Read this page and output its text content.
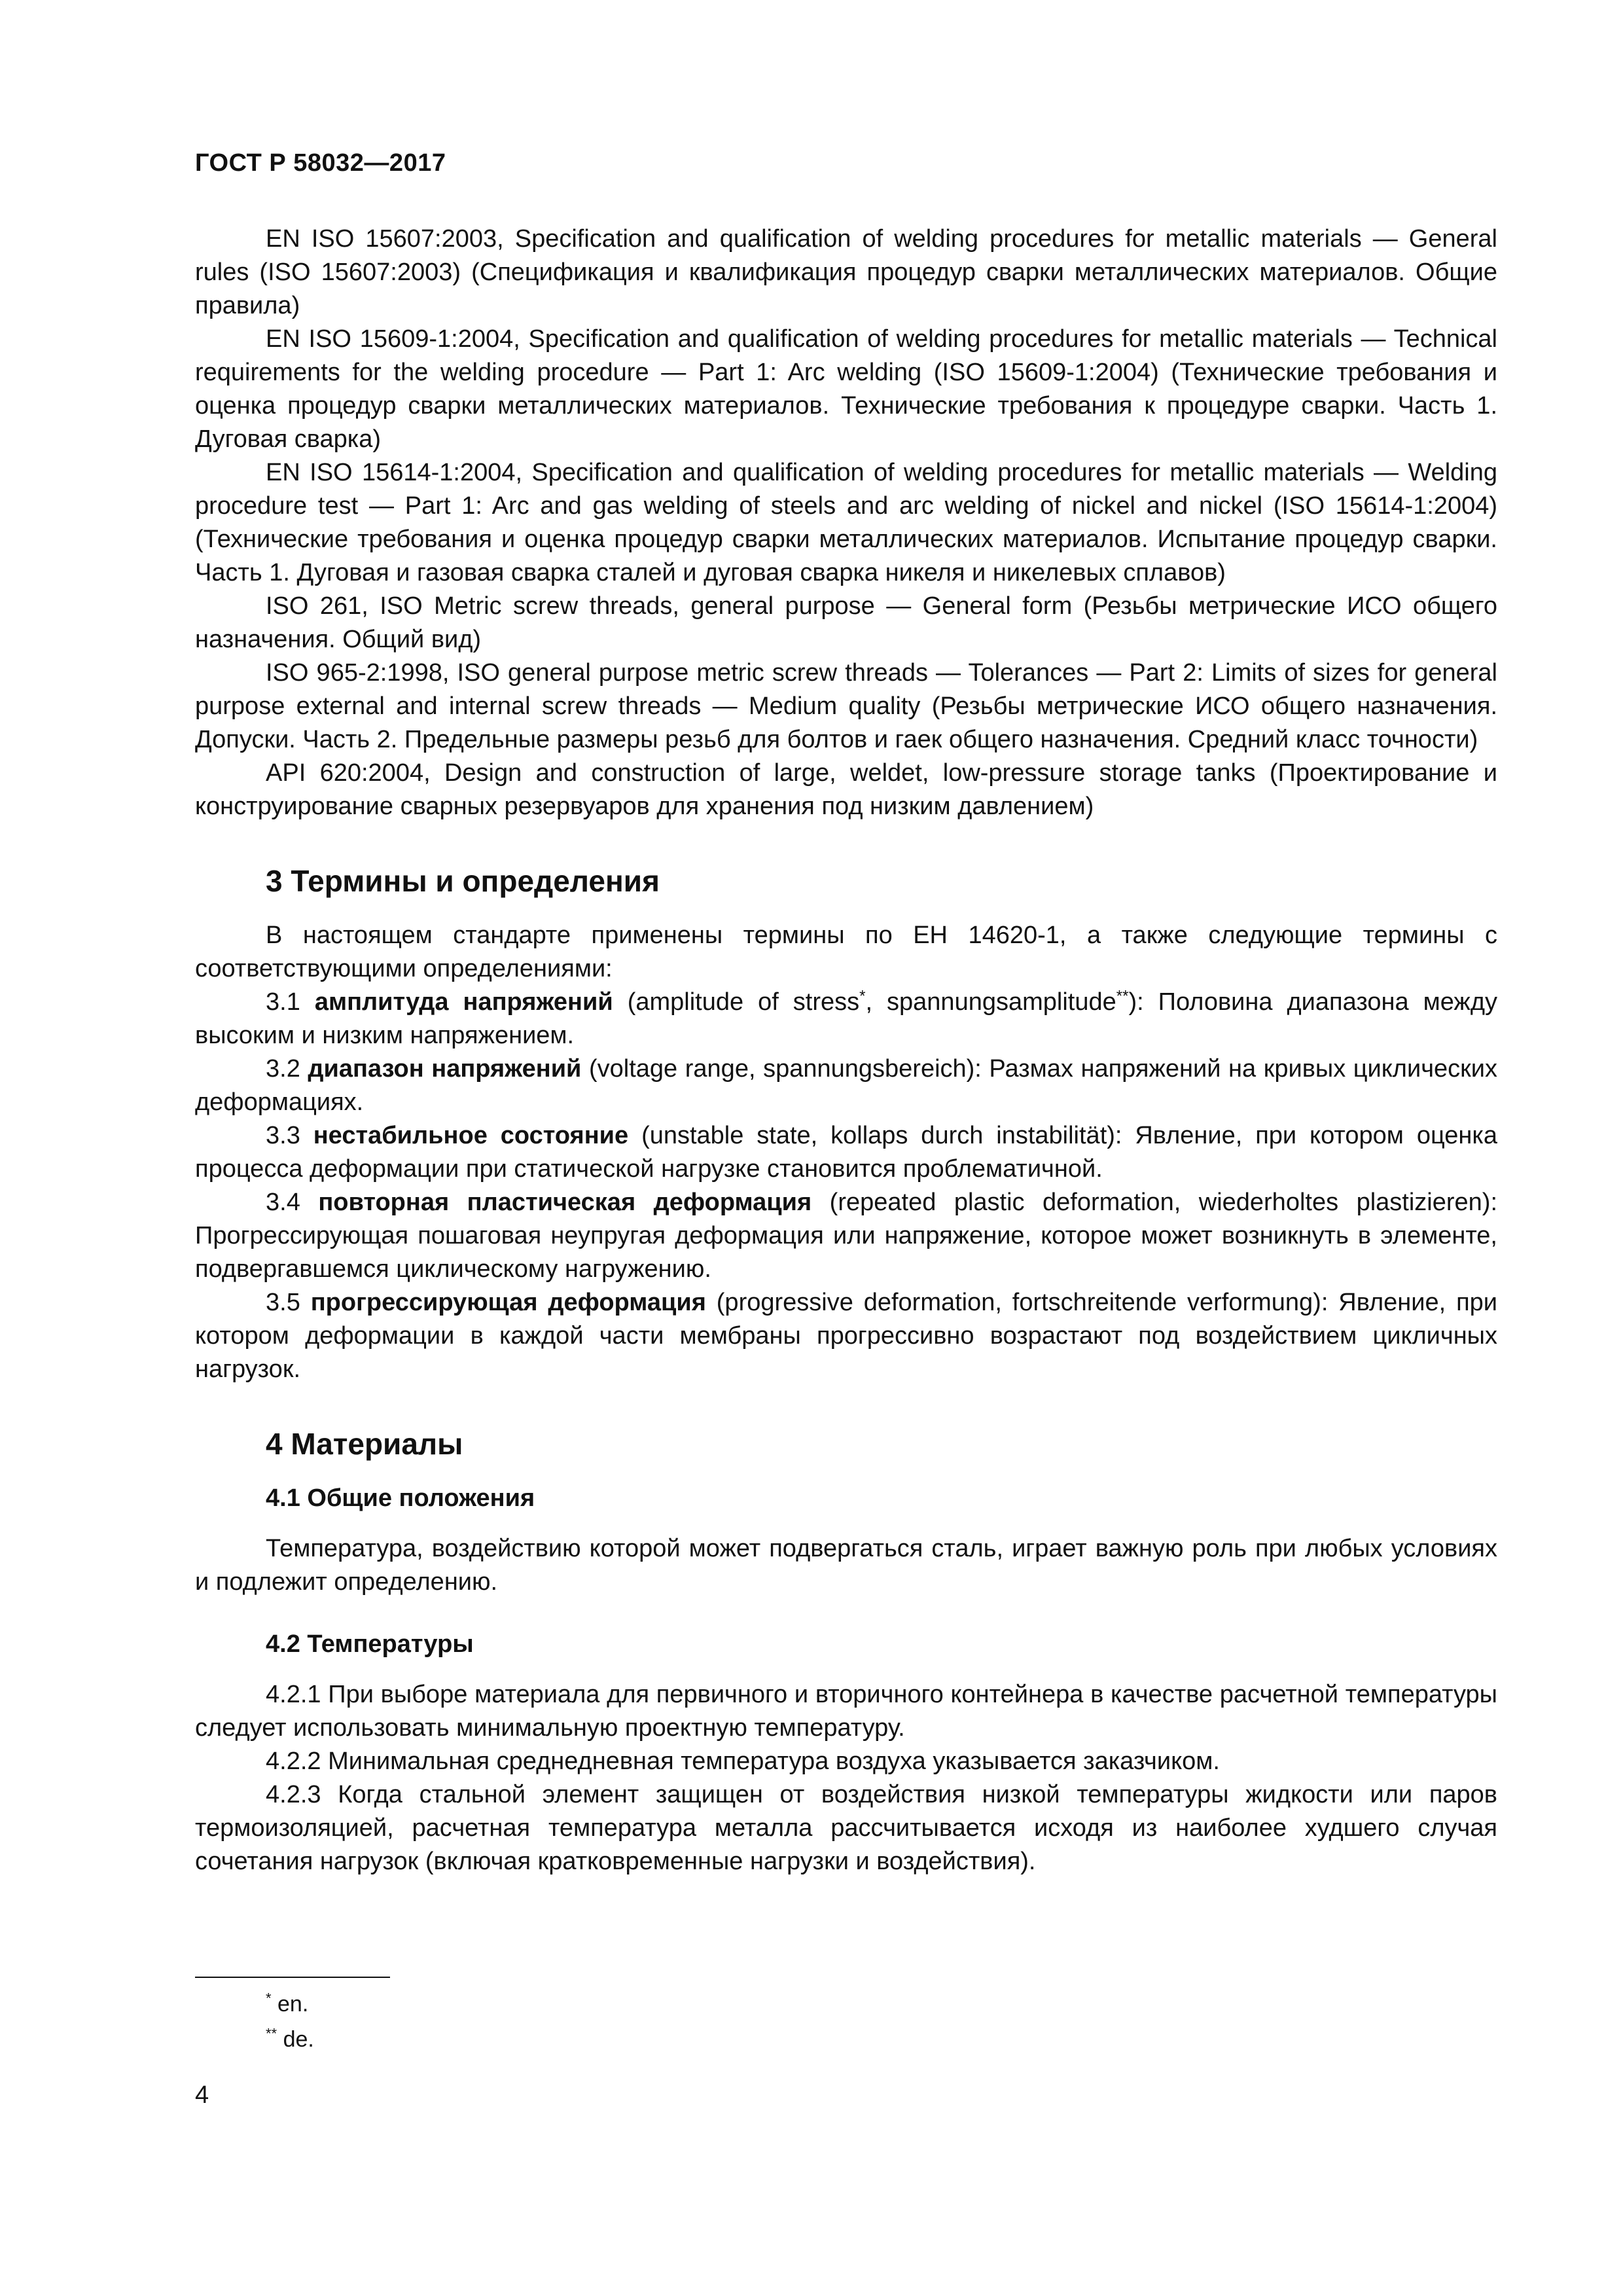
ГОСТ Р 58032—2017

EN ISO 15607:2003, Specification and qualification of welding procedures for metallic materials — General rules (ISO 15607:2003) (Спецификация и квалификация процедур сварки металлических материалов. Общие правила)

EN ISO 15609-1:2004, Specification and qualification of welding procedures for metallic materials — Technical requirements for the welding procedure — Part 1: Arc welding (ISO 15609-1:2004) (Технические требования и оценка процедур сварки металлических материалов. Технические требования к процедуре сварки. Часть 1. Дуговая сварка)

EN ISO 15614-1:2004, Specification and qualification of welding procedures for metallic materials — Welding procedure test — Part 1: Arc and gas welding of steels and arc welding of nickel and nickel (ISO 15614-1:2004) (Технические требования и оценка процедур сварки металлических материалов. Испытание процедур сварки. Часть 1. Дуговая и газовая сварка сталей и дуговая сварка никеля и никелевых сплавов)

ISO 261, ISO Metric screw threads, general purpose — General form (Резьбы метрические ИСО общего назначения. Общий вид)

ISO 965-2:1998, ISO general purpose metric screw threads — Tolerances — Part 2: Limits of sizes for general purpose external and internal screw threads — Medium quality (Резьбы метрические ИСО общего назначения. Допуски. Часть 2. Предельные размеры резьб для болтов и гаек общего назначения. Средний класс точности)

API 620:2004, Design and construction of large, weldet, low-pressure storage tanks (Проектирование и конструирование сварных резервуаров для хранения под низким давлением)

3 Термины и определения

В настоящем стандарте применены термины по ЕН 14620-1, а также следующие термины с соответствующими определениями:

3.1 амплитуда напряжений (amplitude of stress*, spannungsamplitude**): Половина диапазона между высоким и низким напряжением.

3.2 диапазон напряжений (voltage range, spannungsbereich): Размах напряжений на кривых циклических деформациях.

3.3 нестабильное состояние (unstable state, kollaps durch instabilität): Явление, при котором оценка процесса деформации при статической нагрузке становится проблематичной.

3.4 повторная пластическая деформация (repeated plastic deformation, wiederholtes plastizieren): Прогрессирующая пошаговая неупругая деформация или напряжение, которое может возникнуть в элементе, подвергавшемся циклическому нагружению.

3.5 прогрессирующая деформация (progressive deformation, fortschreitende verformung): Явление, при котором деформации в каждой части мембраны прогрессивно возрастают под воздействием цикличных нагрузок.

4 Материалы
4.1 Общие положения

Температура, воздействию которой может подвергаться сталь, играет важную роль при любых условиях и подлежит определению.

4.2 Температуры

4.2.1 При выборе материала для первичного и вторичного контейнера в качестве расчетной температуры следует использовать минимальную проектную температуру.

4.2.2 Минимальная среднедневная температура воздуха указывается заказчиком.

4.2.3 Когда стальной элемент защищен от воздействия низкой температуры жидкости или паров термоизоляцией, расчетная температура металла рассчитывается исходя из наиболее худшего случая сочетания нагрузок (включая кратковременные нагрузки и воздействия).

* en.
** de.
4
